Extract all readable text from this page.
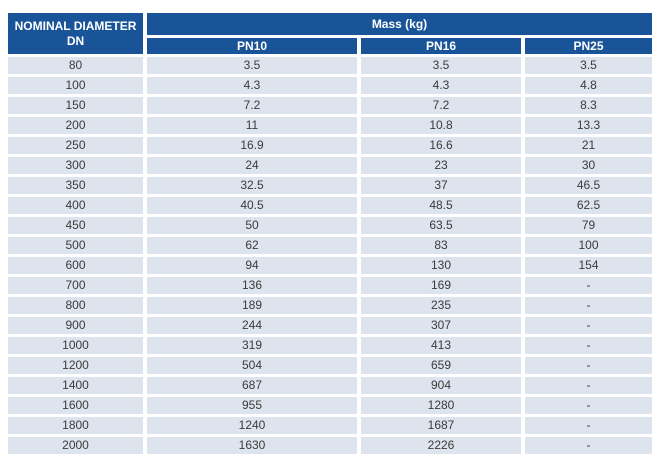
NOMINAL DIAMETER
DN	Mass (kg)		
	PN10	PN16	PN25
80	3.5	3.5	3.5
100	4.3	4.3	4.8
150	7.2	7.2	8.3
200	11	10.8	13.3
250	16.9	16.6	21
300	24	23	30
350	32.5	37	46.5
400	40.5	48.5	62.5
450	50	63.5	79
500	62	83	100
600	94	130	154
700	136	169	-
800	189	235	-
900	244	307	-
1000	319	413	-
1200	504	659	-
1400	687	904	-
1600	955	1280	-
1800	1240	1687	-
2000	1630	2226	-
